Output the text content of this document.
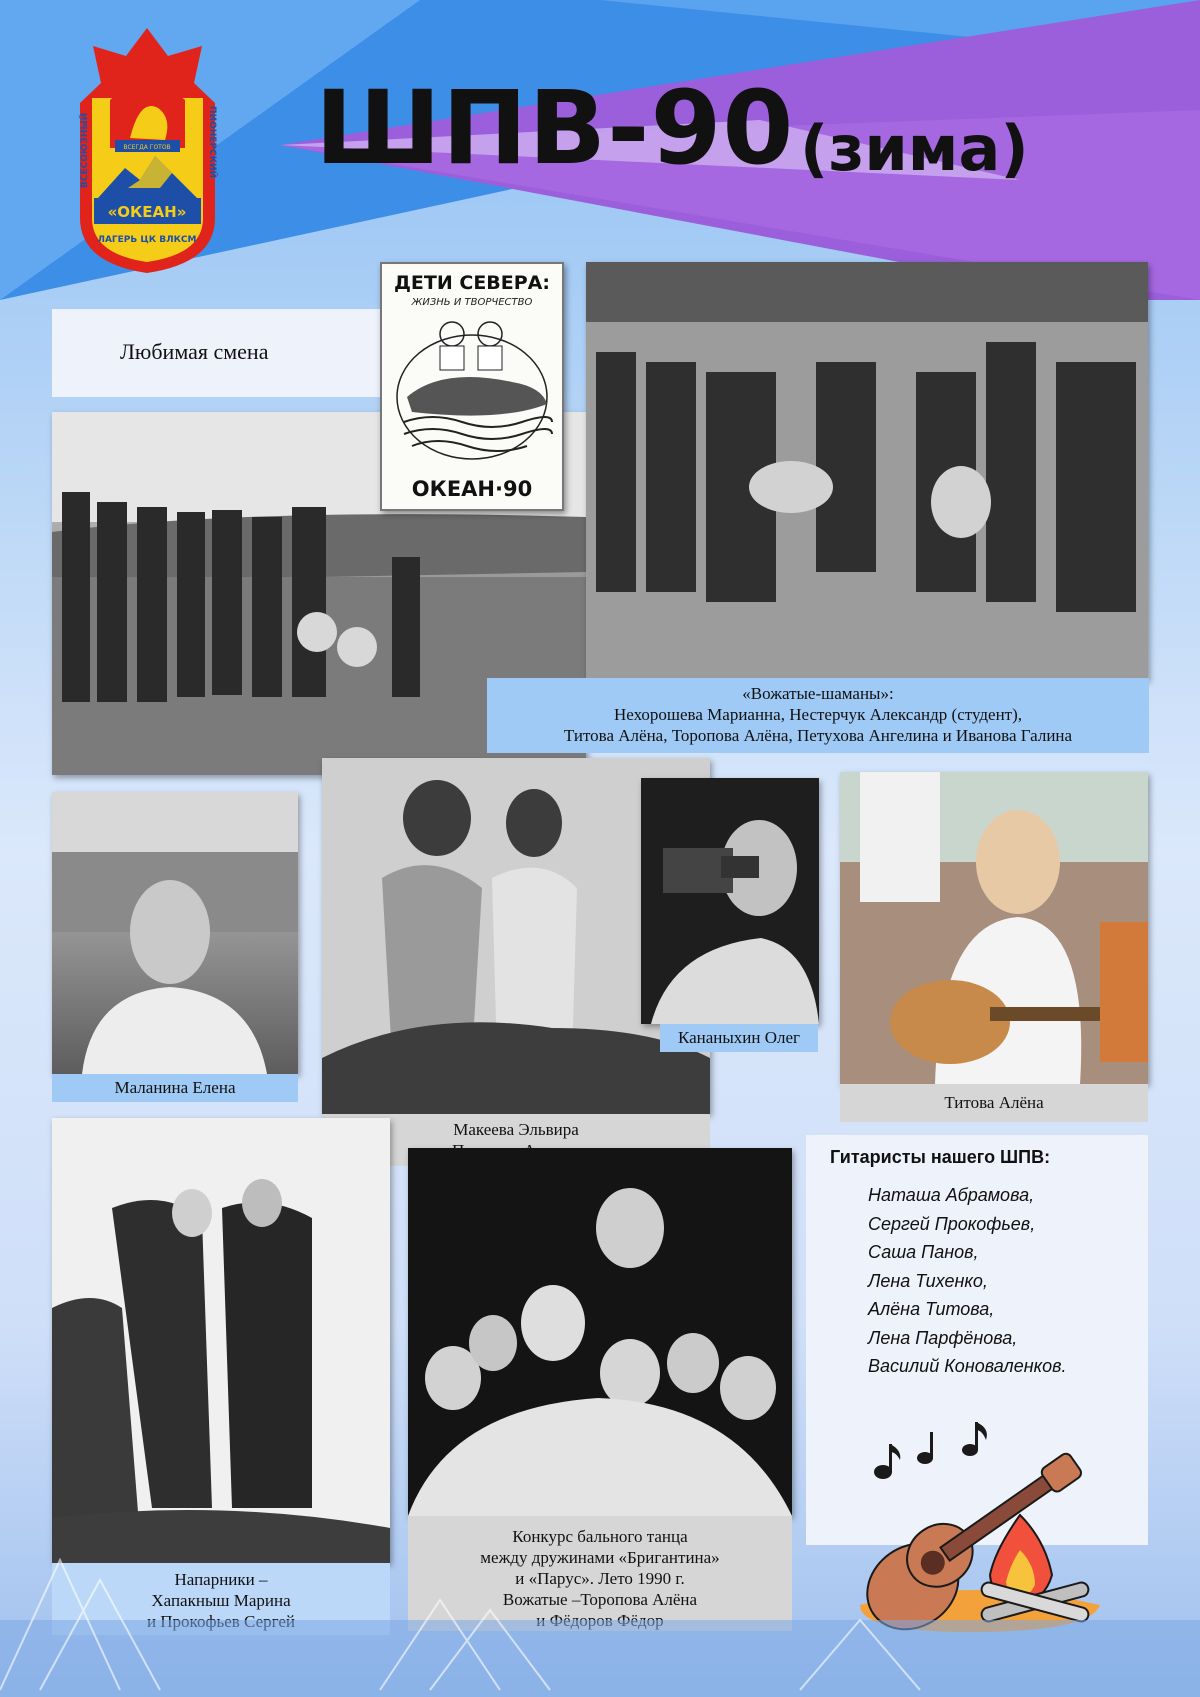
«ОКЕАН»
ВСЕГДА ГОТОВ
ВСЕСОЮЗНЫЙ	ПИОНЕРСКИЙ
ЛАГЕРЬ ЦК ВЛКСМ
ШПВ-90 (зима)
Любимая смена
ДЕТИ СЕВЕРА:
ЖИЗНЬ И ТВОРЧЕСТВО
ОКЕАН·90
«Вожатые-шаманы»:
Нехорошева Марианна, Нестерчук Александр (студент),
Титова Алёна, Торопова Алёна, Петухова Ангелина и Иванова Галина
Маланина Елена
Макеева Эльвира
Кананыхин Олег
Титова Алёна
Напарники –
Хапакныш Марина
Конкурс бального танца
между дружинами «Бригантина»
и «Парус». Лето 1990 г.
Вожатые –Торопова Алёна
Гитаристы нашего ШПВ:
Наташа Абрамова,
Сергей Прокофьев,
Саша Панов,
Лена Тихенко,
Алёна Титова,
Лена Парфёнова,
Василий Коноваленков.
